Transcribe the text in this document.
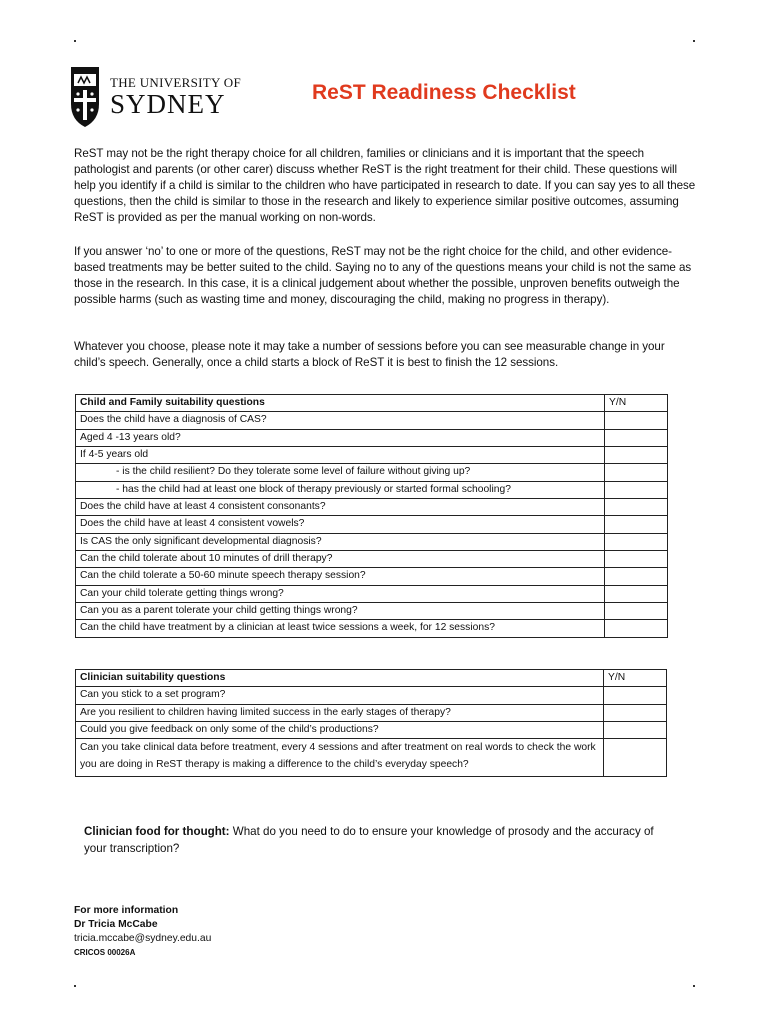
THE UNIVERSITY OF
SYDNEY	ReST Readiness Checklist

ReST may not be the right therapy choice for all children, families or clinicians and it is important that the speech pathologist and parents (or other carer) discuss whether ReST is the right treatment for their child. These questions will help you identify if a child is similar to the children who have participated in research to date. If you can say yes to all these questions, then the child is similar to those in the research and likely to experience similar positive outcomes, assuming ReST is provided as per the manual working on non-words.

If you answer ‘no’ to one or more of the questions, ReST may not be the right choice for the child, and other evidence-based treatments may be better suited to the child. Saying no to any of the questions means your child is not the same as those in the research. In this case, it is a clinical judgement about whether the possible, unproven benefits outweigh the possible harms (such as wasting time and money, discouraging the child, making no progress in therapy).

Whatever you choose, please note it may take a number of sessions before you can see measurable change in your child’s speech. Generally, once a child starts a block of ReST it is best to finish the 12 sessions.

Child and Family suitability questions	Y/N
Does the child have a diagnosis of CAS?	
Aged 4 -13 years old?	
If 4-5 years old	
- is the child resilient? Do they tolerate some level of failure without giving up?	
- has the child had at least one block of therapy previously or started formal schooling?	
Does the child have at least 4 consistent consonants?	
Does the child have at least 4 consistent vowels?	
Is CAS the only significant developmental diagnosis?	
Can the child tolerate about 10 minutes of drill therapy?	
Can the child tolerate a 50-60 minute speech therapy session?	
Can your child tolerate getting things wrong?	
Can you as a parent tolerate your child getting things wrong?	
Can the child have treatment by a clinician at least twice sessions a week, for 12 sessions?	
Clinician suitability questions	Y/N
Can you stick to a set program?	
Are you resilient to children having limited success in the early stages of therapy?	
Could you give feedback on only some of the child’s productions?	
Can you take clinical data before treatment, every 4 sessions and after treatment on real words to check the work you are doing in ReST therapy is making a difference to the child’s everyday speech?	

Clinician food for thought: What do you need to do to ensure your knowledge of prosody and the accuracy of your transcription?

For more information
Dr Tricia McCabe
tricia.mccabe@sydney.edu.au
CRICOS 00026A
